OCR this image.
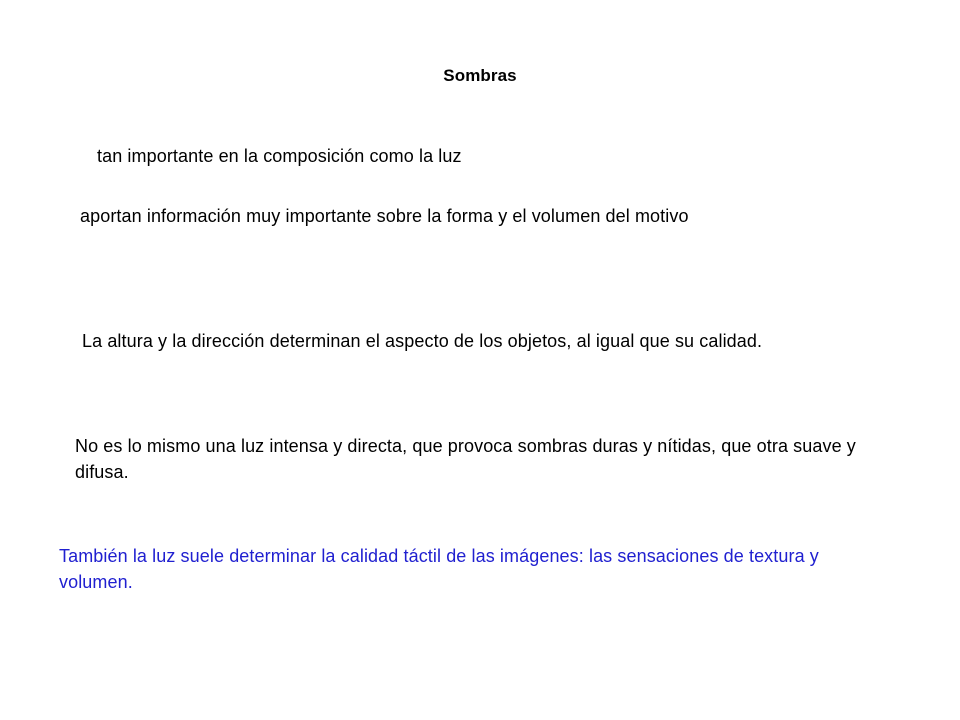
Sombras
tan importante en la composición como la luz
aportan información muy importante sobre la forma y el volumen del motivo
La altura y la dirección determinan el aspecto de los objetos, al igual que su calidad.
No es lo mismo una luz intensa y directa, que provoca sombras duras y nítidas, que otra suave y difusa.
También la luz suele determinar la calidad táctil de las imágenes: las sensaciones de textura y volumen.
